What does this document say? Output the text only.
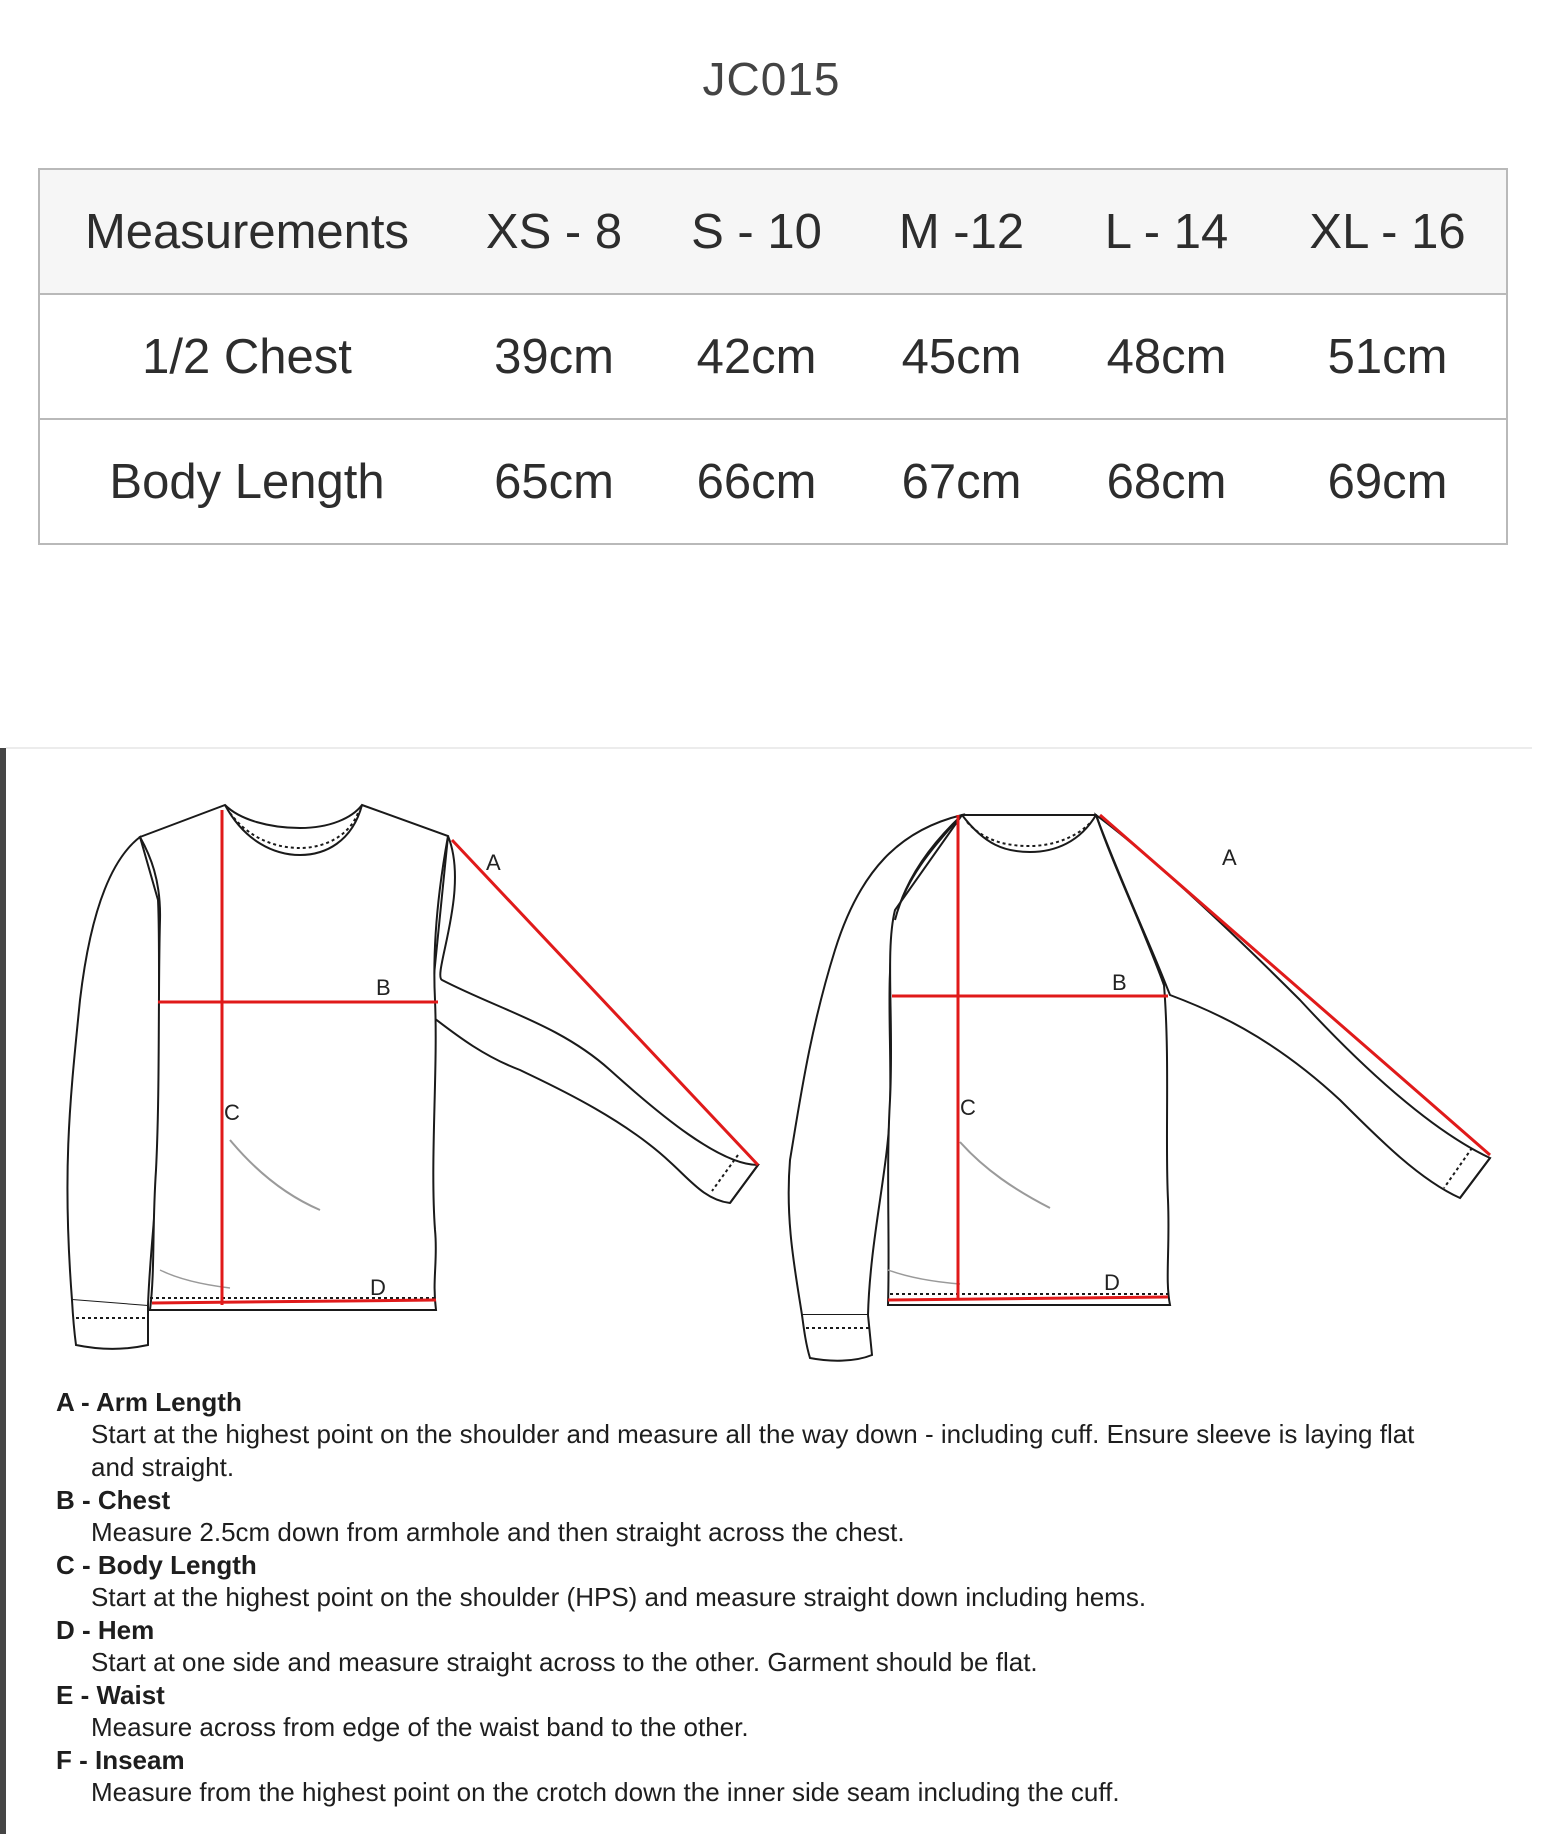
JC015
Measurements	XS - 8	S - 10	M -12	L - 14	XL - 16
1/2 Chest	39cm	42cm	45cm	48cm	51cm
Body Length	65cm	66cm	67cm	68cm	69cm
A
B
C
D
A
B
C
D
A - Arm Length
Start at the highest point on the shoulder and measure all the way down - including cuff. Ensure sleeve is laying flat and straight.
B - Chest
Measure 2.5cm down from armhole and then straight across the chest.
C - Body Length
Start at the highest point on the shoulder (HPS) and measure straight down including hems.
D - Hem
Start at one side and measure straight across to the other. Garment should be flat.
E - Waist
Measure across from edge of the waist band to the other.
F - Inseam
Measure from the highest point on the crotch down the inner side seam including the cuff.
